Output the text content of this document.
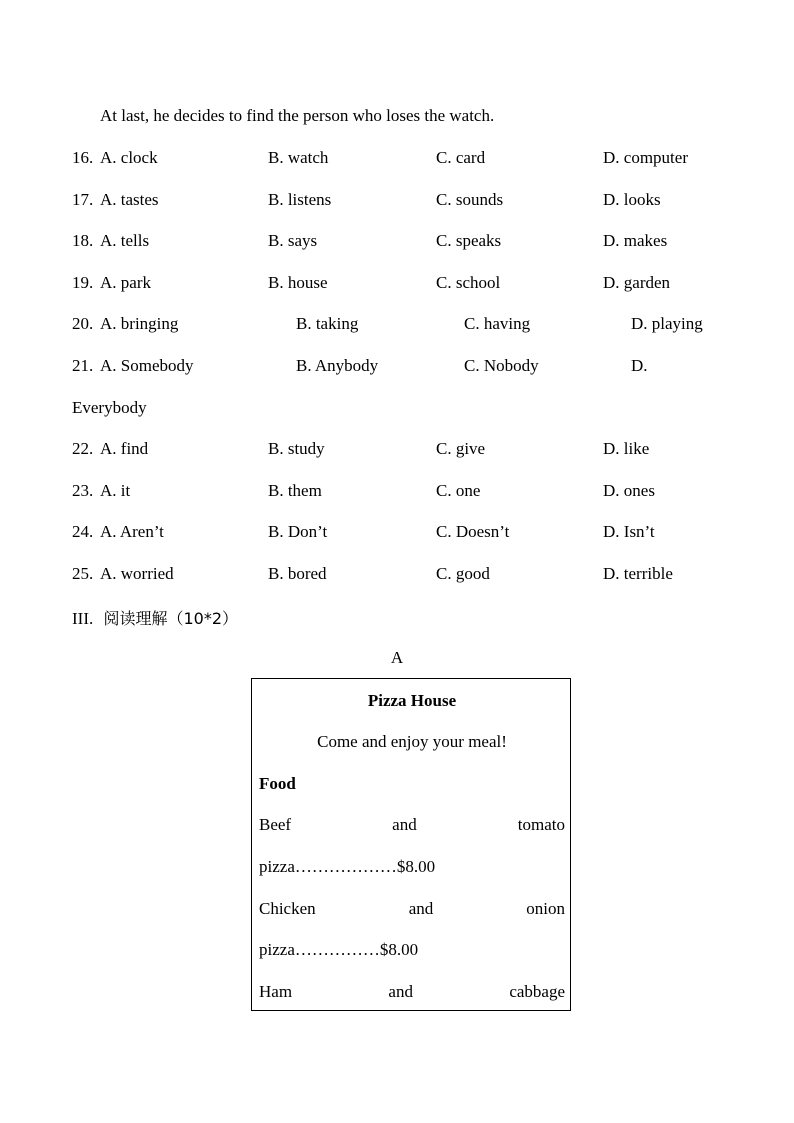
At last, he decides to find the person who loses the watch.
16. A. clock	B. watch	C. card	D. computer
17. A. tastes	B. listens	C. sounds	D. looks
18. A. tells	B. says	C. speaks	D. makes
19. A. park	B. house	C. school	D. garden
20. A. bringing	B. taking	C. having	D. playing
21. A. Somebody	B. Anybody	C. Nobody	D.
Everybody
22. A. find	B. study	C. give	D. like
23. A. it	B. them	C. one	D. ones
24. A. Aren’t	B. Don’t	C. Doesn’t	D. Isn’t
25. A. worried	B. bored	C. good	D. terrible
III. 阅读理解（10*2）
A
Pizza House
Come and enjoy your meal!
Food
Beef	and	tomato
pizza………………$8.00
Chicken	and	onion
pizza……………$8.00
Ham	and	cabbage
